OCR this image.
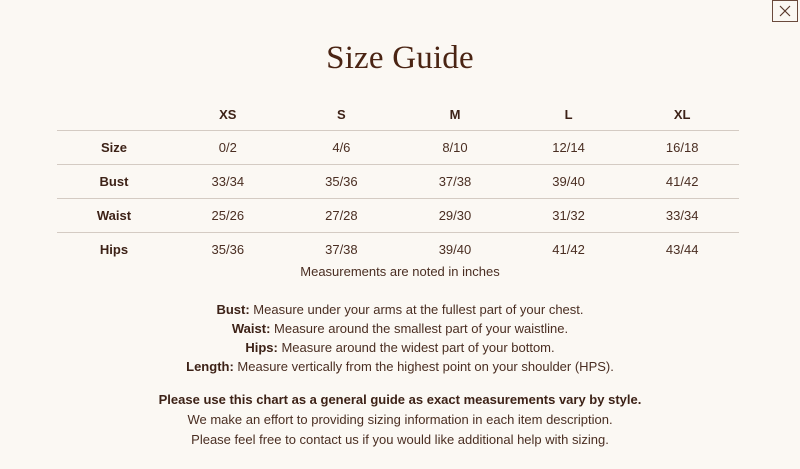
Size Guide
	XS	S	M	L	XL
Size	0/2	4/6	8/10	12/14	16/18
Bust	33/34	35/36	37/38	39/40	41/42
Waist	25/26	27/28	29/30	31/32	33/34
Hips	35/36	37/38	39/40	41/42	43/44
Measurements are noted in inches
Bust: Measure under your arms at the fullest part of your chest.
Waist: Measure around the smallest part of your waistline.
Hips: Measure around the widest part of your bottom.
Length: Measure vertically from the highest point on your shoulder (HPS).
Please use this chart as a general guide as exact measurements vary by style.
We make an effort to providing sizing information in each item description.
Please feel free to contact us if you would like additional help with sizing.
